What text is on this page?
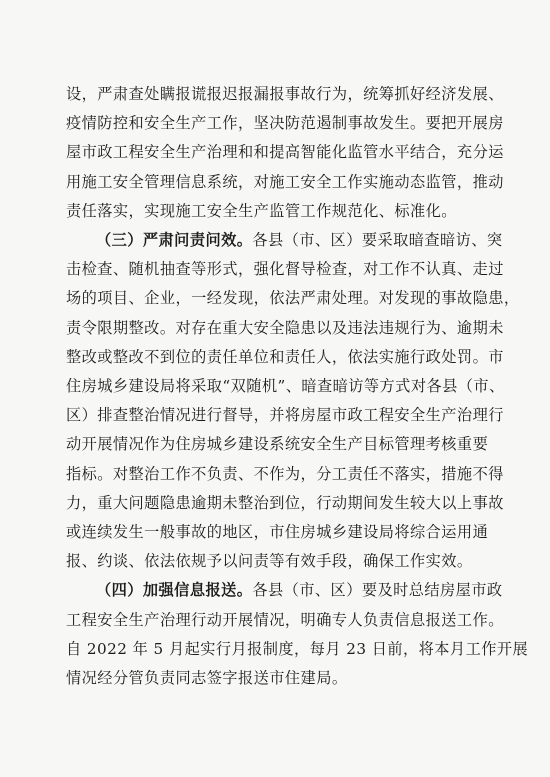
设，严肃查处瞒报谎报迟报漏报事故行为，统筹抓好经济发展、
疫情防控和安全生产工作，坚决防范遏制事故发生。要把开展房
屋市政工程安全生产治理和和提高智能化监管水平结合，充分运
用施工安全管理信息系统，对施工安全工作实施动态监管，推动
责任落实，实现施工安全生产监管工作规范化、标准化。

（三）严肃问责问效。各县（市、区）要采取暗查暗访、突
击检查、随机抽查等形式，强化督导检查，对工作不认真、走过
场的项目、企业，一经发现，依法严肃处理。对发现的事故隐患，
责令限期整改。对存在重大安全隐患以及违法违规行为、逾期未
整改或整改不到位的责任单位和责任人，依法实施行政处罚。市
住房城乡建设局将采取“双随机”、暗查暗访等方式对各县（市、
区）排查整治情况进行督导，并将房屋市政工程安全生产治理行
动开展情况作为住房城乡建设系统安全生产目标管理考核重要
指标。对整治工作不负责、不作为，分工责任不落实，措施不得
力，重大问题隐患逾期未整治到位，行动期间发生较大以上事故
或连续发生一般事故的地区，市住房城乡建设局将综合运用通
报、约谈、依法依规予以问责等有效手段，确保工作实效。

（四）加强信息报送。各县（市、区）要及时总结房屋市政
工程安全生产治理行动开展情况，明确专人负责信息报送工作。
自 2022 年 5 月起实行月报制度，每月 23 日前，将本月工作开展
情况经分管负责同志签字报送市住建局。
